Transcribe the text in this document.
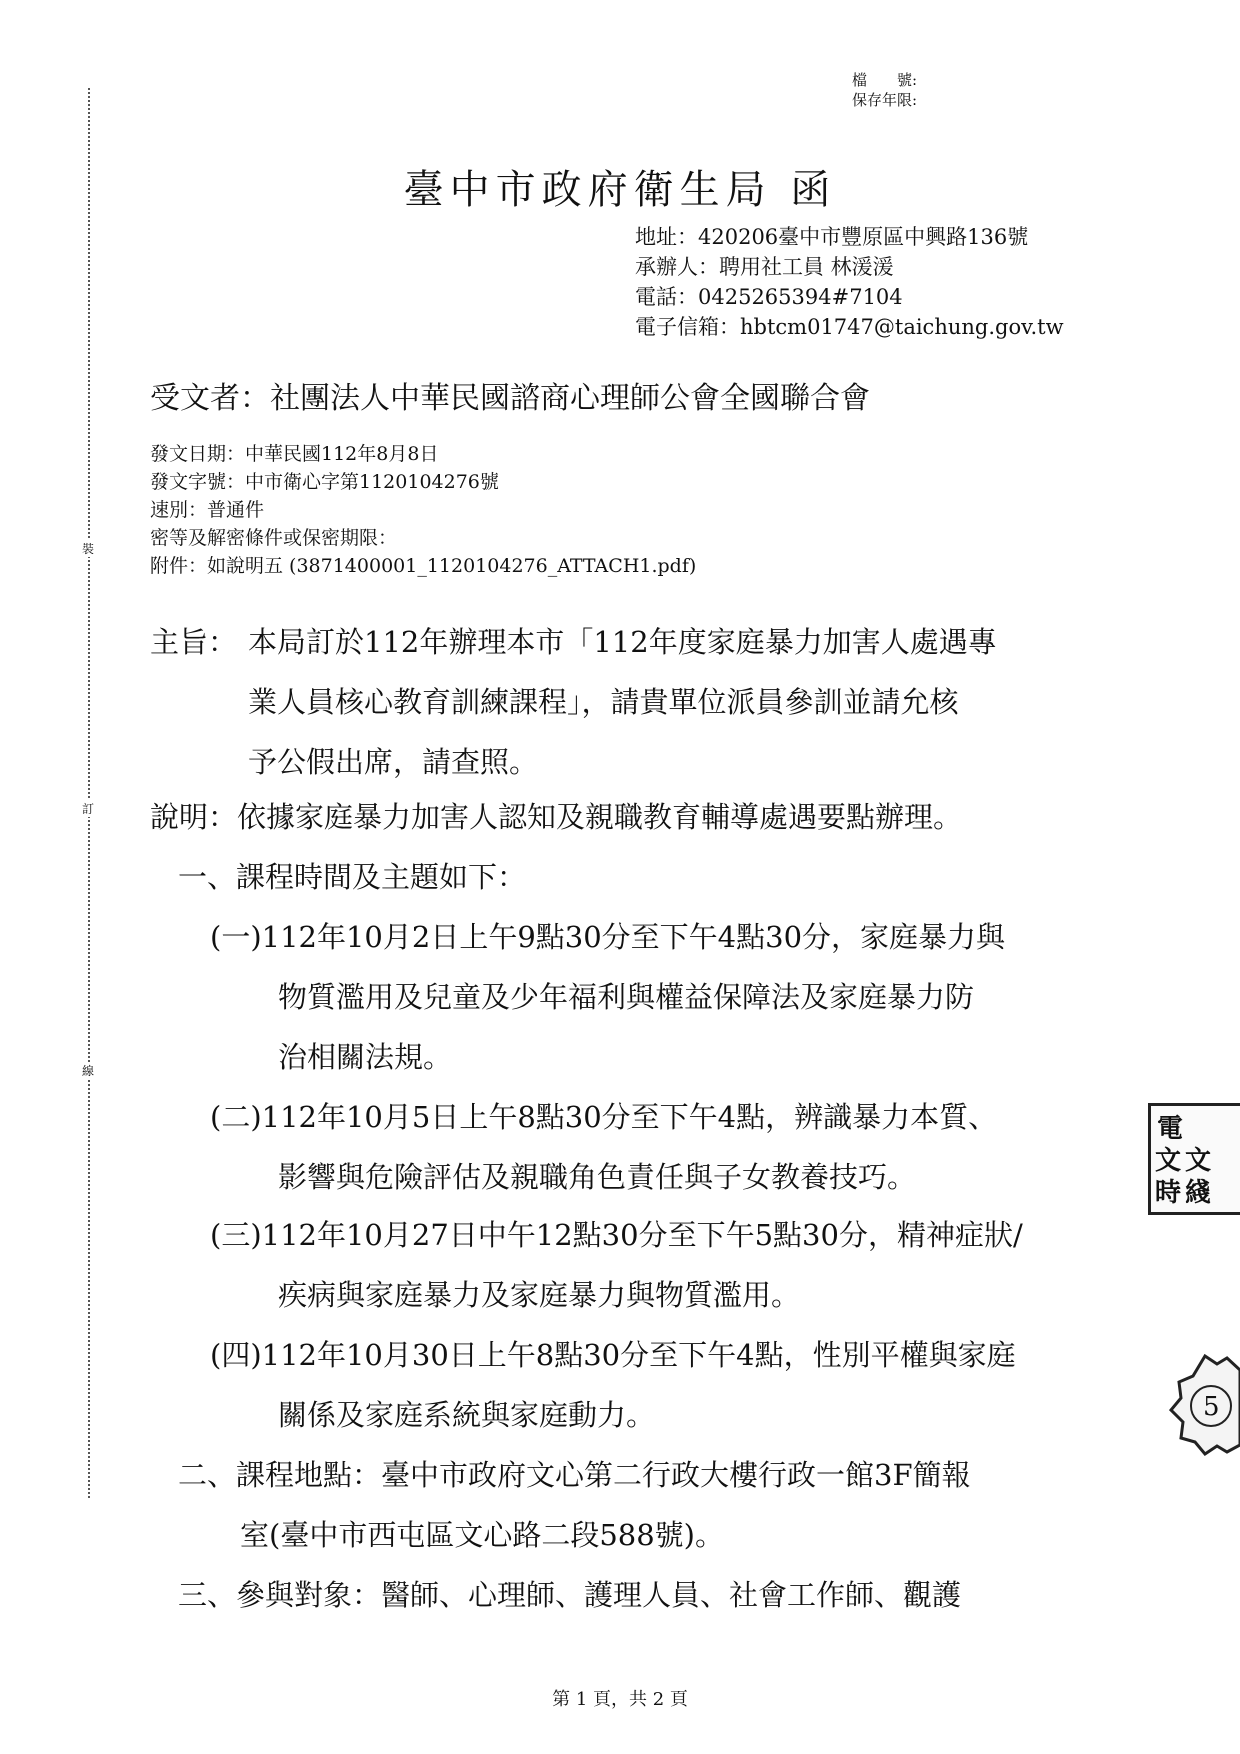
裝
訂
線
檔　　號:
保存年限:
臺中市政府衛生局 函
地址：420206臺中市豐原區中興路136號
承辦人：聘用社工員 林湲湲
電話：0425265394#7104
電子信箱：hbtcm01747@taichung.gov.tw
受文者：社團法人中華民國諮商心理師公會全國聯合會
發文日期：中華民國112年8月8日
發文字號：中市衛心字第1120104276號
速別：普通件
密等及解密條件或保密期限：
附件：如說明五 (3871400001_1120104276_ATTACH1.pdf)
主旨： 本局訂於112年辦理本市「112年度家庭暴力加害人處遇專
業人員核心教育訓練課程」，請貴單位派員參訓並請允核
予公假出席，請查照。
說明：依據家庭暴力加害人認知及親職教育輔導處遇要點辦理。
一、課程時間及主題如下：
(一)112年10月2日上午9點30分至下午4點30分，家庭暴力與
物質濫用及兒童及少年福利與權益保障法及家庭暴力防
治相關法規。
(二)112年10月5日上午8點30分至下午4點，辨識暴力本質、
影響與危險評估及親職角色責任與子女教養技巧。
(三)112年10月27日中午12點30分至下午5點30分，精神症狀/
疾病與家庭暴力及家庭暴力與物質濫用。
(四)112年10月30日上午8點30分至下午4點，性別平權與家庭
關係及家庭系統與家庭動力。
二、課程地點：臺中市政府文心第二行政大樓行政一館3F簡報
室(臺中市西屯區文心路二段588號)。
三、參與對象：醫師、心理師、護理人員、社會工作師、觀護
電
文 文
時 綫
5
第 1 頁，共 2 頁
